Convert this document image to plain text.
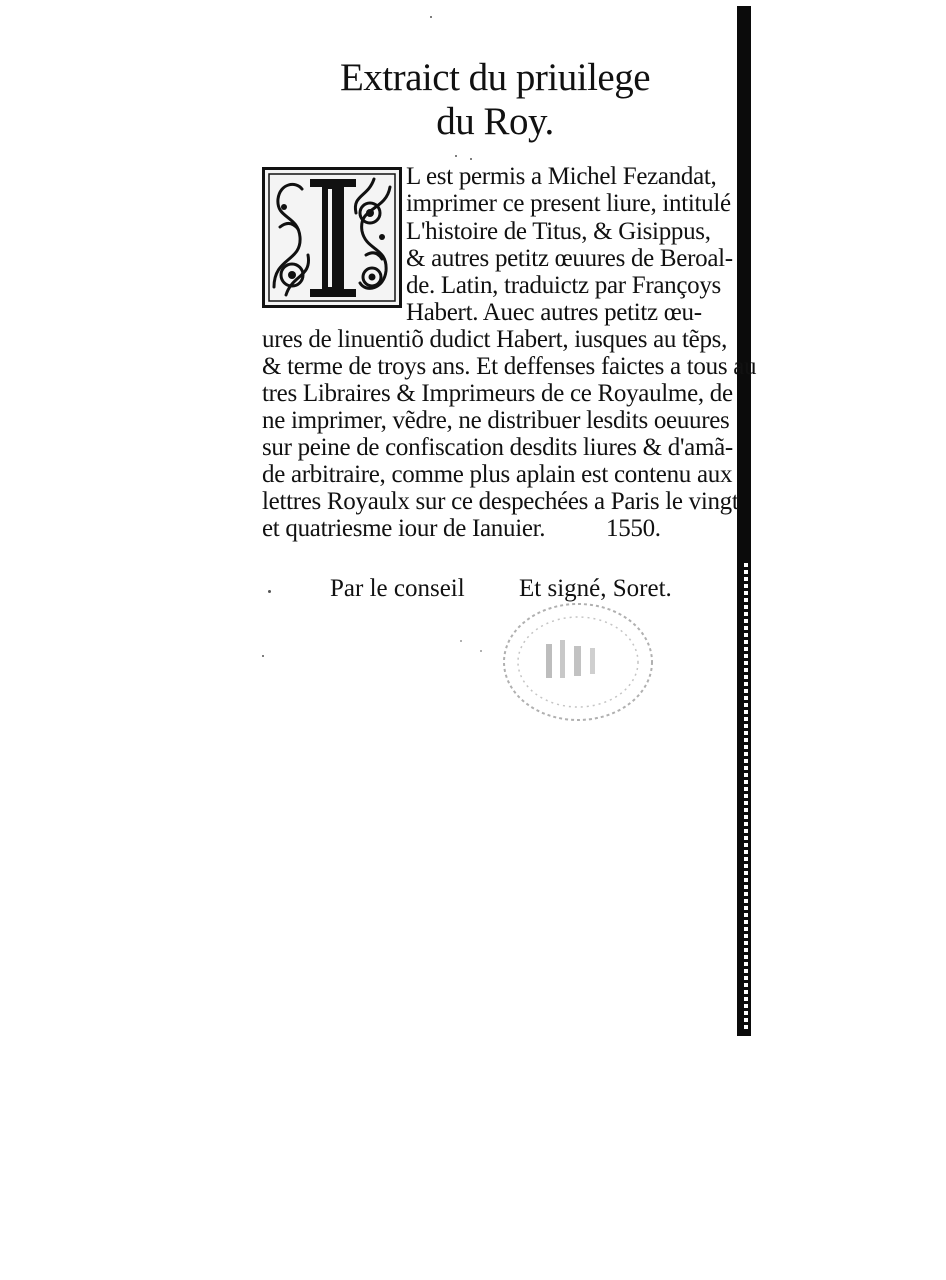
Extraict du priuilege
du Roy.
L est permis a Michel Fezandat,
imprimer ce present liure, intitulé
L'histoire de Titus, & Gisippus,
& autres petitz œuures de Beroal-
de. Latin, traduictz par Françoys
Habert. Auec autres petitz œu-
ures de linuentiõ dudict Habert, iusques au tẽps,
& terme de troys ans. Et deffenses faictes a tous au
tres Libraires & Imprimeurs de ce Royaulme, de
ne imprimer, vẽdre, ne distribuer lesdits oeuures
sur peine de confiscation desdits liures & d'amã-
de arbitraire, comme plus aplain est contenu aux
lettres Royaulx sur ce despechées a Paris le vingt
et quatriesme iour de Ianuier. 1550.
Par le conseil Et signé, Soret.
